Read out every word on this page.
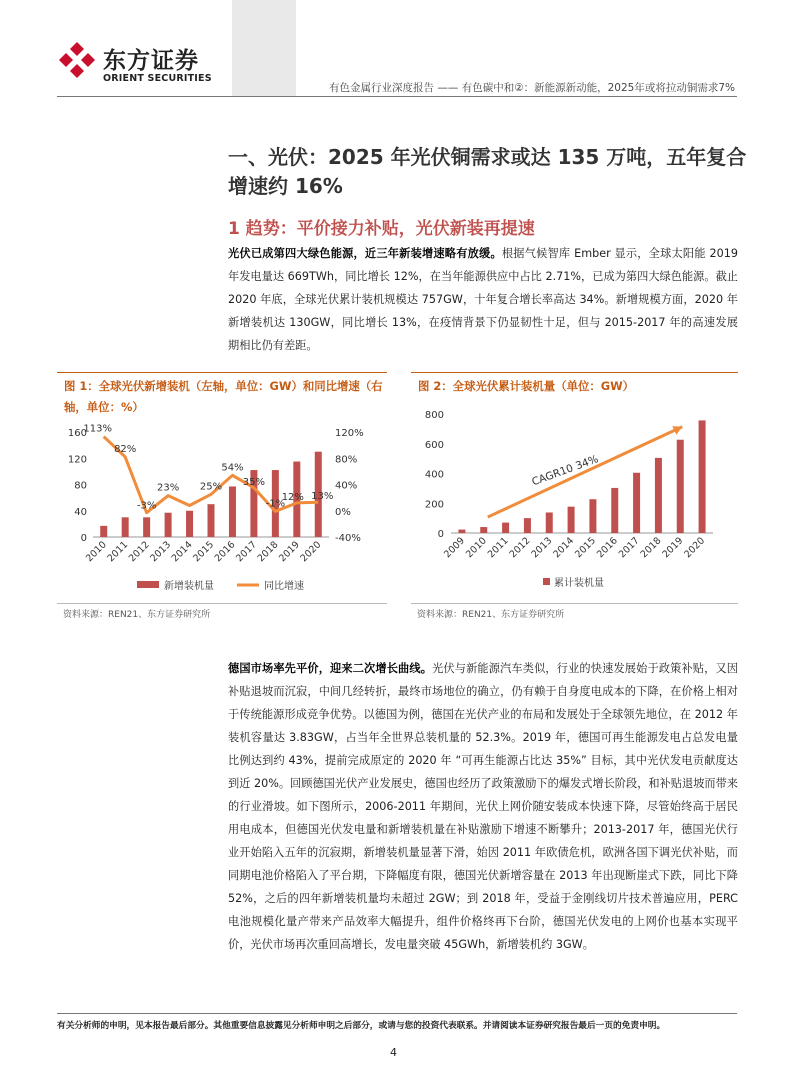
东方证券
ORIENT SECURITIES
有色金属行业深度报告 —— 有色碳中和②：新能源新动能，2025年或将拉动铜需求7%
一、光伏：2025 年光伏铜需求或达 135 万吨，五年复合增速约 16%
1 趋势：平价接力补贴，光伏新装再提速
光伏已成第四大绿色能源，近三年新装增速略有放缓。根据气候智库 Ember 显示，全球太阳能 2019 年发电量达 669TWh，同比增长 12%，在当年能源供应中占比 2.71%，已成为第四大绿色能源。截止 2020 年底，全球光伏累计装机规模达 757GW，十年复合增长率高达 34%。新增规模方面，2020 年新增装机达 130GW，同比增长 13%，在疫情背景下仍显韧性十足，但与 2015-2017 年的高速发展期相比仍有差距。
图 1：全球光伏新增装机（左轴，单位：GW）和同比增速（右轴，单位：%）
0
40
80
120
160
-40%
0%
40%
80%
120%
113%
82%
-3%
23% 25%
54%
35%
-1%
12% 13%
2010
2011
2012
2013
2014
2015
2016
2017
2018
2019
2020
新增装机量	同比增速
资料来源：REN21、东方证券研究所
图 2：全球光伏累计装机量（单位：GW）
0
200
400
600
800
CAGR10 34%
2009
2010
2011
2012
2013
2014
2015
2016
2017
2018
2019
2020
累计装机量
资料来源：REN21、东方证券研究所
德国市场率先平价，迎来二次增长曲线。光伏与新能源汽车类似，行业的快速发展始于政策补贴，又因补贴退坡而沉寂，中间几经转折，最终市场地位的确立，仍有赖于自身度电成本的下降，在价格上相对于传统能源形成竞争优势。以德国为例，德国在光伏产业的布局和发展处于全球领先地位，在 2012 年装机容量达 3.83GW，占当年全世界总装机量的 52.3%。2019 年，德国可再生能源发电占总发电量比例达到约 43%，提前完成原定的 2020 年 “可再生能源占比达 35%” 目标，其中光伏发电贡献度达到近 20%。回顾德国光伏产业发展史，德国也经历了政策激励下的爆发式增长阶段，和补贴退坡而带来的行业滑坡。如下图所示，2006-2011 年期间，光伏上网价随安装成本快速下降，尽管始终高于居民用电成本，但德国光伏发电量和新增装机量在补贴激励下增速不断攀升；2013-2017 年，德国光伏行业开始陷入五年的沉寂期，新增装机量显著下滑，始因 2011 年欧债危机，欧洲各国下调光伏补贴，而同期电池价格陷入了平台期，下降幅度有限，德国光伏新增容量在 2013 年出现断崖式下跌，同比下降 52%，之后的四年新增装机量均未超过 2GW；到 2018 年，受益于金刚线切片技术普遍应用，PERC 电池规模化量产带来产品效率大幅提升，组件价格终再下台阶，德国光伏发电的上网价也基本实现平价，光伏市场再次重回高增长，发电量突破 45GWh，新增装机约 3GW。
有关分析师的申明，见本报告最后部分。其他重要信息披露见分析师申明之后部分，或请与您的投资代表联系。并请阅读本证券研究报告最后一页的免责申明。
4
